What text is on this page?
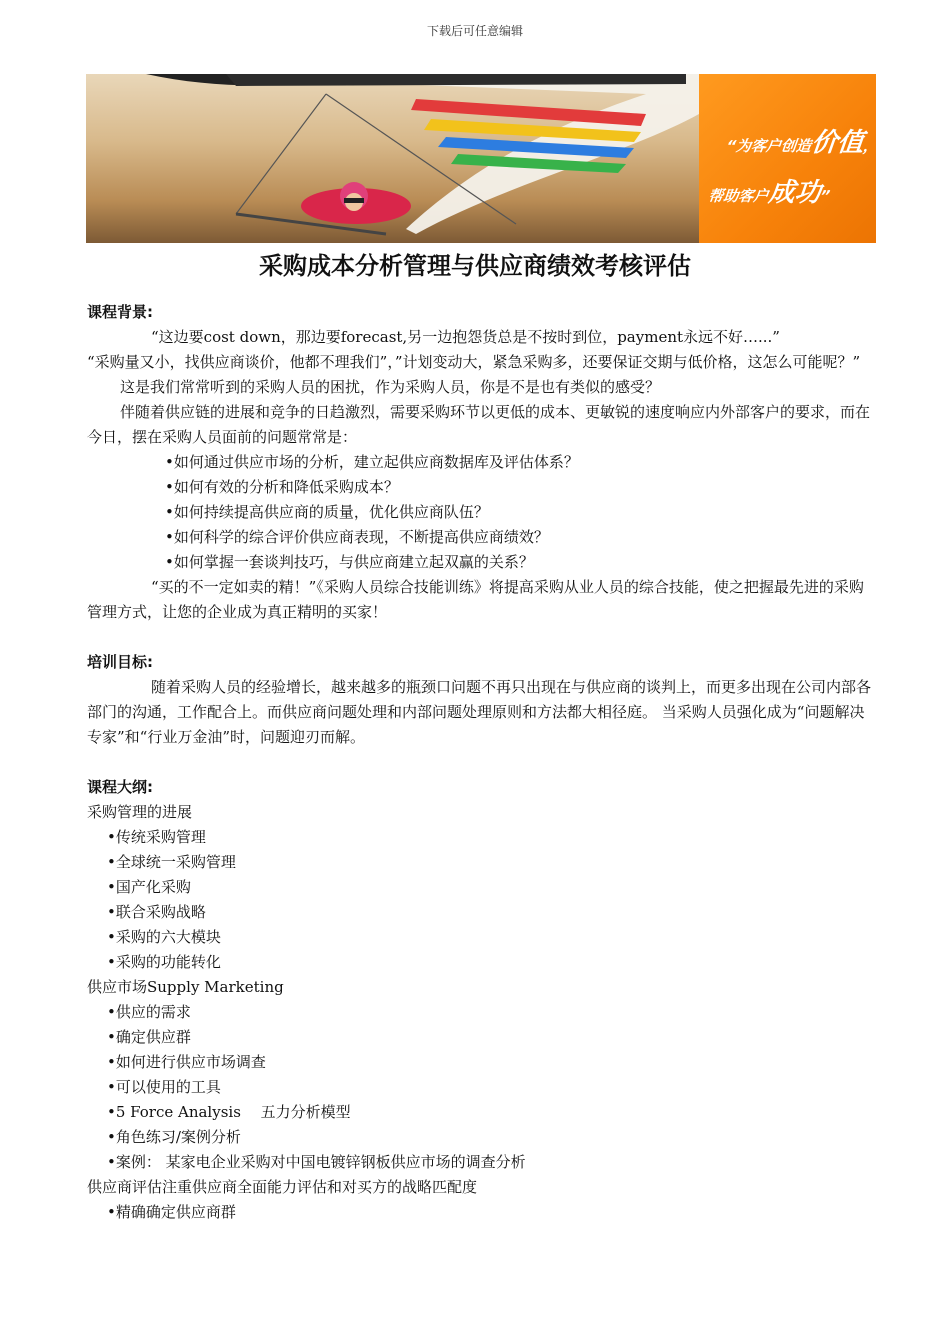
下载后可任意编辑
“为客户创造价值，
帮助客户成功”
采购成本分析管理与供应商绩效考核评估
课程背景:

“这边要cost down，那边要forecast,另一边抱怨货总是不按时到位，payment永远不好…...”

“采购量又小，找供应商谈价，他都不理我们”，”计划变动大，紧急采购多，还要保证交期与低价格，这怎么可能呢？”

这是我们常常听到的采购人员的困扰，作为采购人员，你是不是也有类似的感受？

伴随着供应链的进展和竞争的日趋激烈，需要采购环节以更低的成本、更敏锐的速度响应内外部客户的要求，而在今日，摆在采购人员面前的问题常常是：

•如何通过供应市场的分析，建立起供应商数据库及评估体系？
•如何有效的分析和降低采购成本？
•如何持续提高供应商的质量，优化供应商队伍？
•如何科学的综合评价供应商表现，不断提高供应商绩效？
•如何掌握一套谈判技巧，与供应商建立起双赢的关系？

“买的不一定如卖的精！”《采购人员综合技能训练》将提高采购从业人员的综合技能，使之把握最先进的采购管理方式，让您的企业成为真正精明的买家！

培训目标:

随着采购人员的经验增长，越来越多的瓶颈口问题不再只出现在与供应商的谈判上，而更多出现在公司内部各部门的沟通，工作配合上。而供应商问题处理和内部问题处理原则和方法都大相径庭。 当采购人员强化成为“问题解决专家”和“行业万金油”时，问题迎刃而解。

课程大纲:
采购管理的进展
•传统采购管理
•全球统一采购管理
•国产化采购
•联合采购战略
•采购的六大模块
•采购的功能转化
供应市场Supply Marketing
•供应的需求
•确定供应群
•如何进行供应市场调查
•可以使用的工具
•5 Force Analysis　 五力分析模型
•角色练习/案例分析
•案例： 某家电企业采购对中国电镀锌钢板供应市场的调查分析
供应商评估注重供应商全面能力评估和对买方的战略匹配度
•精确确定供应商群
